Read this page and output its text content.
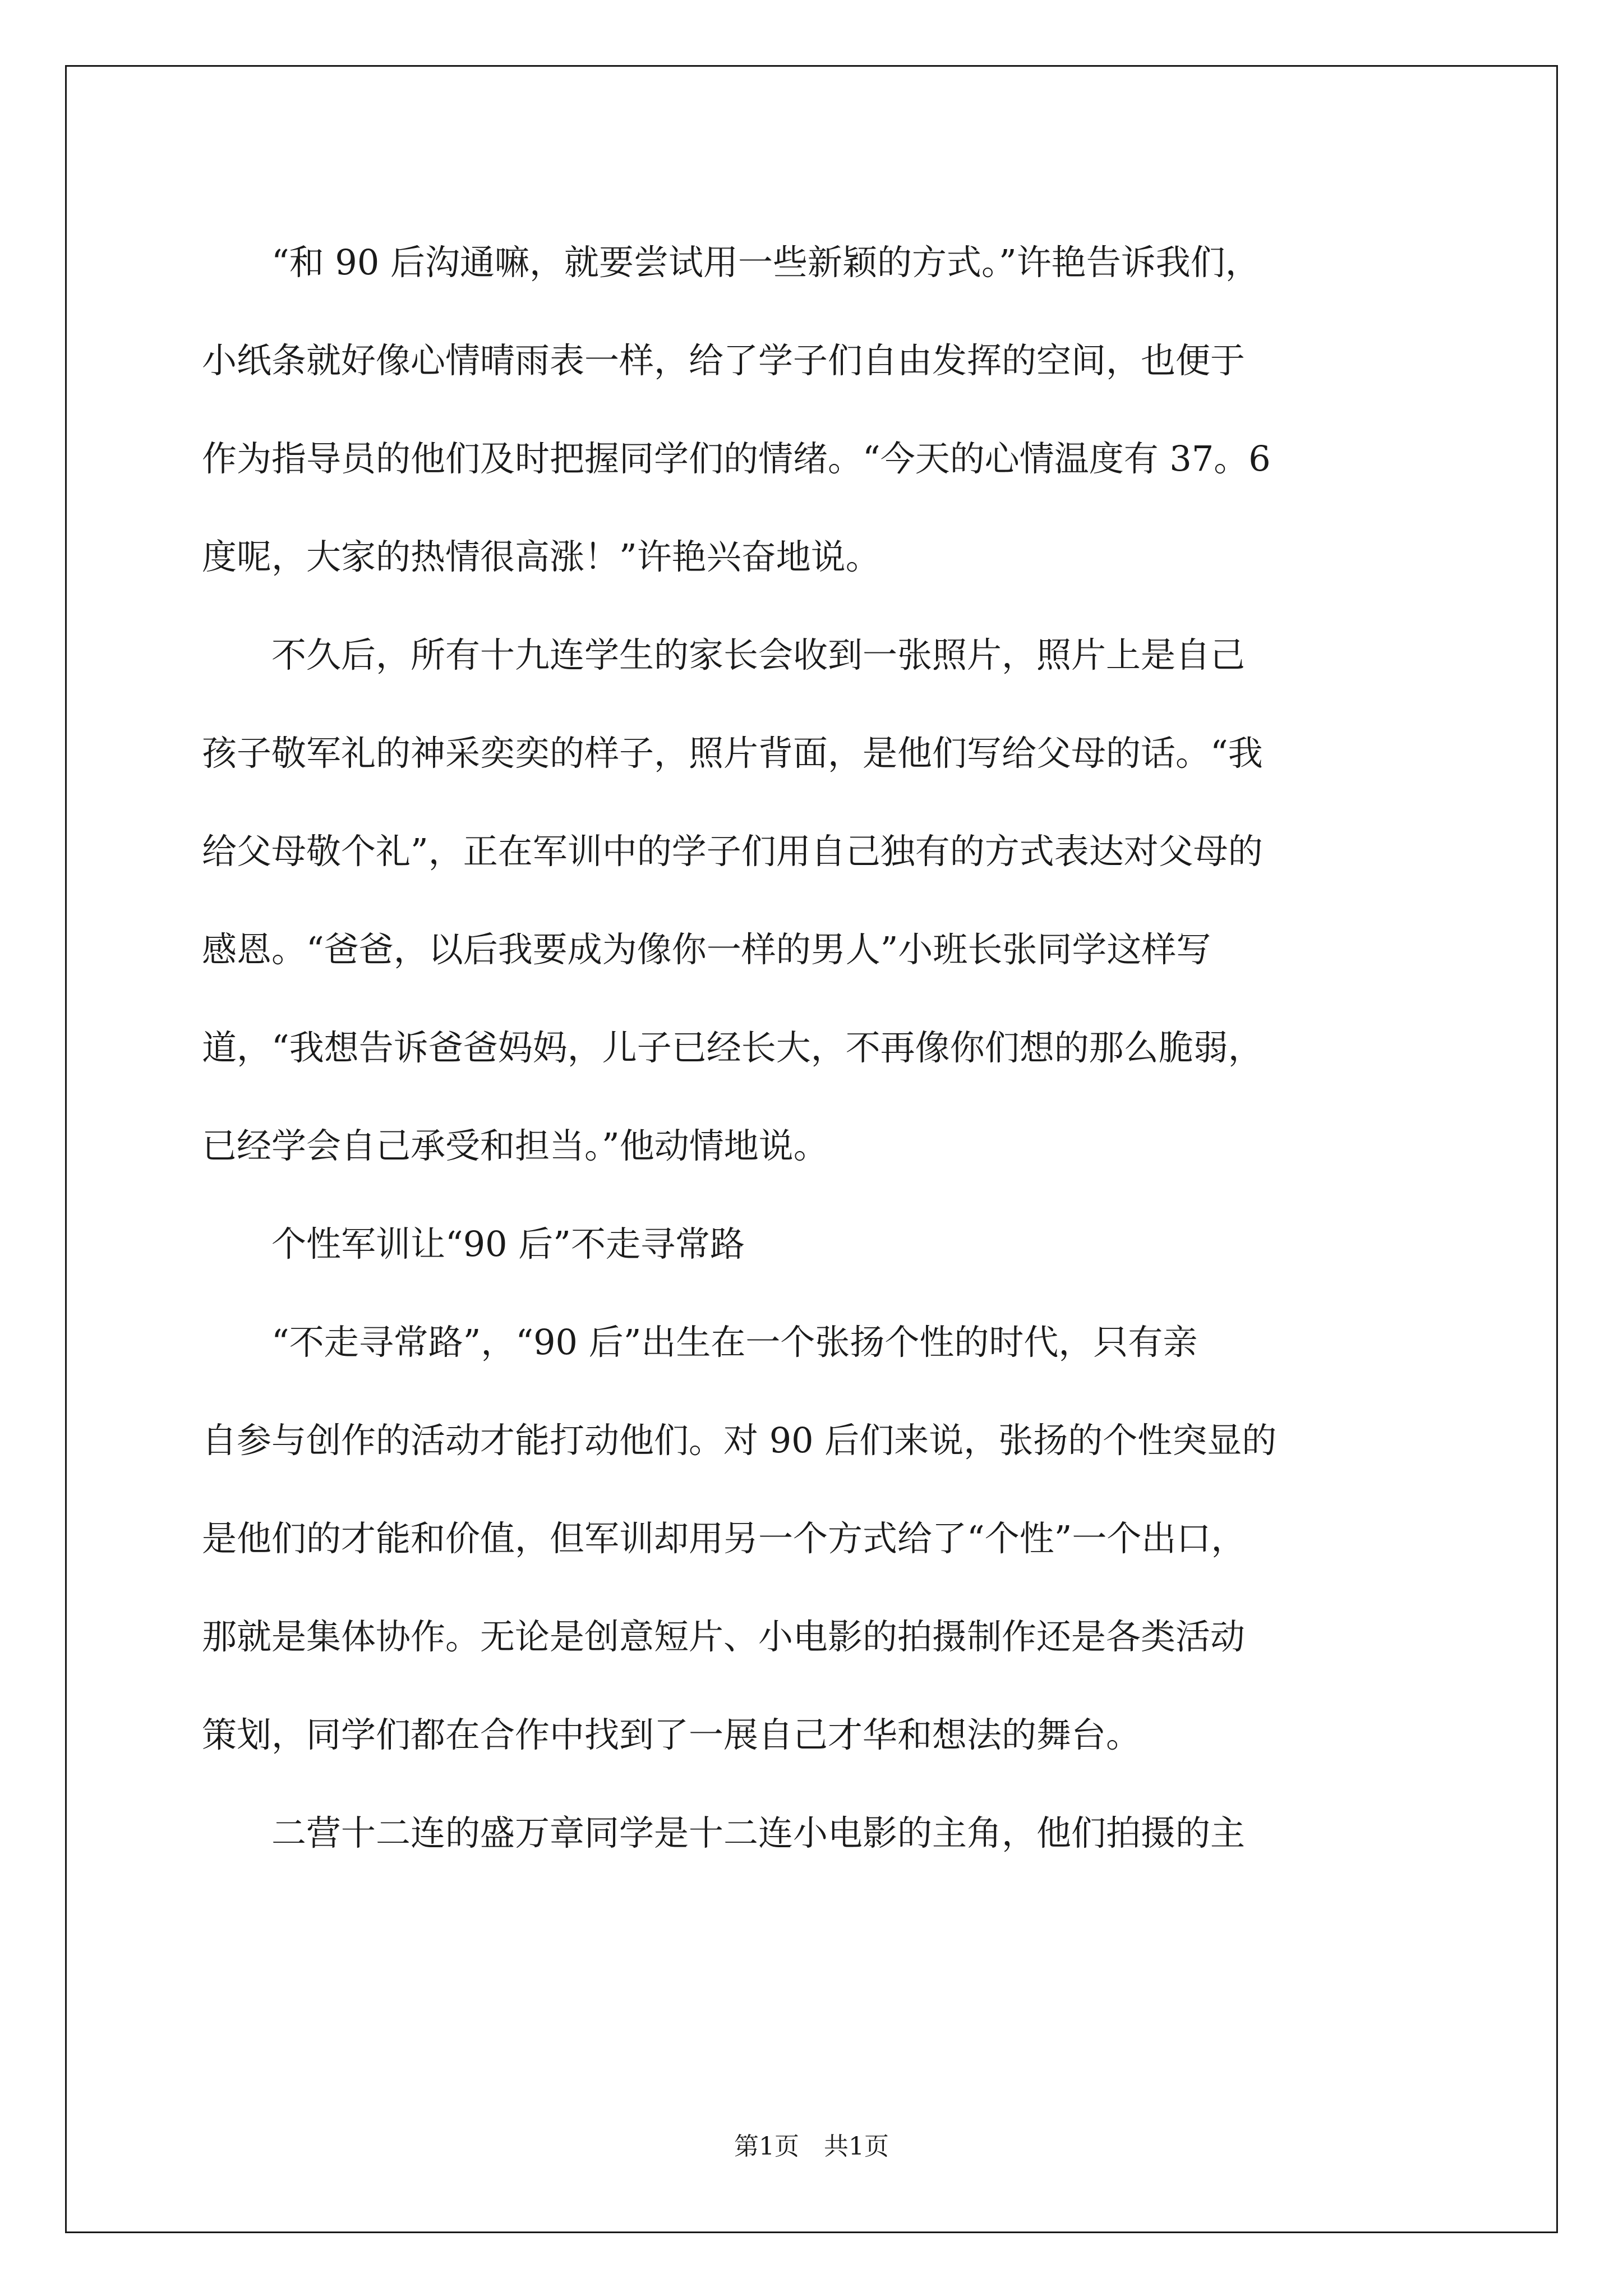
“和 90 后沟通嘛，就要尝试用一些新颖的方式。”许艳告诉我们，
小纸条就好像心情晴雨表一样，给了学子们自由发挥的空间，也便于
作为指导员的他们及时把握同学们的情绪。“今天的心情温度有 37。6
度呢，大家的热情很高涨！”许艳兴奋地说。

不久后，所有十九连学生的家长会收到一张照片，照片上是自己
孩子敬军礼的神采奕奕的样子，照片背面，是他们写给父母的话。“我
给父母敬个礼”，正在军训中的学子们用自己独有的方式表达对父母的
感恩。“爸爸，以后我要成为像你一样的男人”小班长张同学这样写
道，“我想告诉爸爸妈妈，儿子已经长大，不再像你们想的那么脆弱，
已经学会自己承受和担当。”他动情地说。

个性军训让“90 后”不走寻常路

“不走寻常路”，“90 后”出生在一个张扬个性的时代，只有亲
自参与创作的活动才能打动他们。对 90 后们来说，张扬的个性突显的
是他们的才能和价值，但军训却用另一个方式给了“个性”一个出口，
那就是集体协作。无论是创意短片、小电影的拍摄制作还是各类活动
策划，同学们都在合作中找到了一展自己才华和想法的舞台。

二营十二连的盛万章同学是十二连小电影的主角，他们拍摄的主

第1页 共1页
